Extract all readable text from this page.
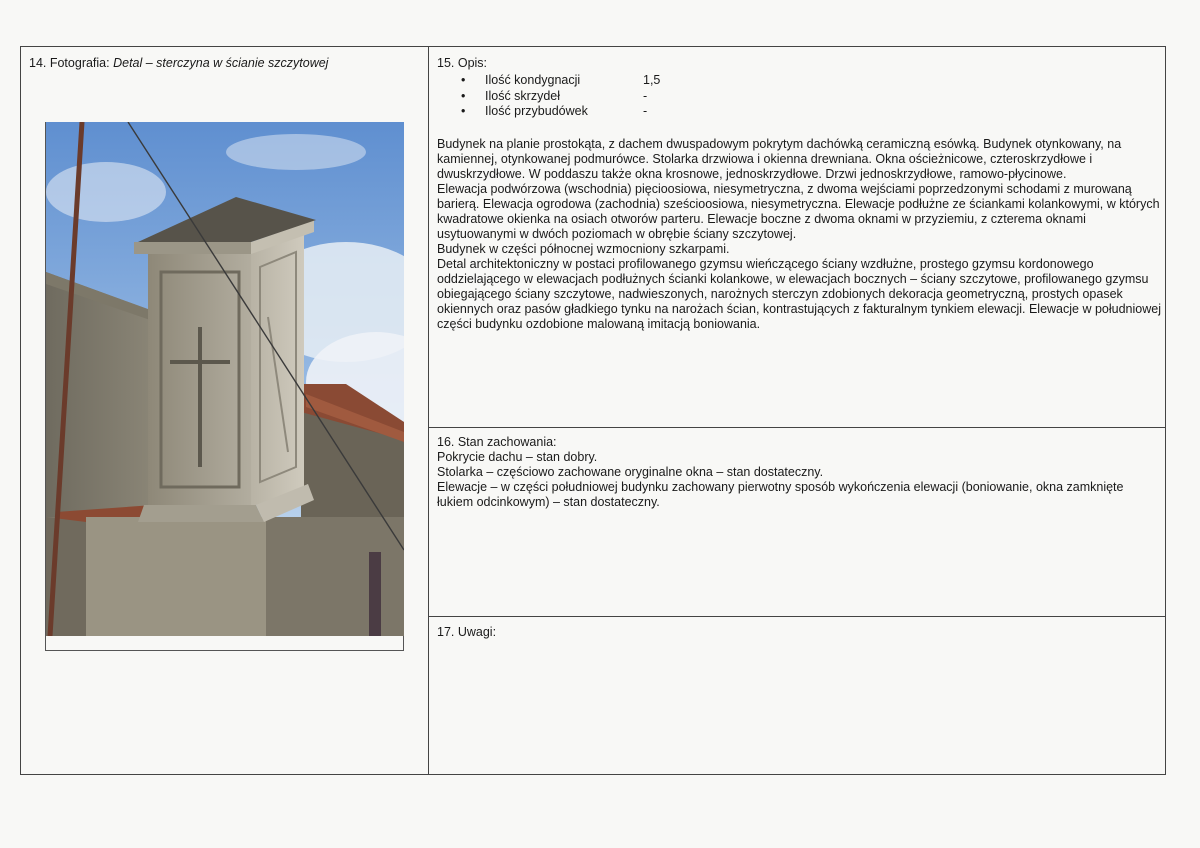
14. Fotografia: Detal – sterczyna w ścianie szczytowej	15. Opis:

• Ilość kondygnacji	1,5
• Ilość skrzydeł	-
• Ilość przybudówek	-

Budynek na planie prostokąta, z dachem dwuspadowym pokrytym dachówką ceramiczną esówką. Budynek otynkowany, na kamiennej, otynkowanej podmurówce. Stolarka drzwiowa i okienna drewniana. Okna ościeżnicowe, czteroskrzydłowe i dwuskrzydłowe. W poddaszu także okna krosnowe, jednoskrzydłowe. Drzwi jednoskrzydłowe, ramowo-płycinowe.

Elewacja podwórzowa (wschodnia) pięcioosiowa, niesymetryczna, z dwoma wejściami poprzedzonymi schodami z murowaną barierą. Elewacja ogrodowa (zachodnia) sześcioosiowa, niesymetryczna. Elewacje podłużne ze ściankami kolankowymi, w których kwadratowe okienka na osiach otworów parteru. Elewacje boczne z dwoma oknami w przyziemiu, z czterema oknami usytuowanymi w dwóch poziomach w obrębie ściany szczytowej.

Budynek w części północnej wzmocniony szkarpami.

Detal architektoniczny w postaci profilowanego gzymsu wieńczącego ściany wzdłużne, prostego gzymsu kordonowego oddzielającego w elewacjach podłużnych ścianki kolankowe, w elewacjach bocznych – ściany szczytowe, profilowanego gzymsu obiegającego ściany szczytowe, nadwieszonych, narożnych sterczyn zdobionych dekoracja geometryczną, prostych opasek okiennych oraz pasów gładkiego tynku na narożach ścian, kontrastujących z fakturalnym tynkiem elewacji. Elewacje w południowej części budynku ozdobione malowaną imitacją boniowania.

16. Stan zachowania:

Pokrycie dachu – stan dobry.

Stolarka – częściowo zachowane oryginalne okna – stan dostateczny.

Elewacje – w części południowej budynku zachowany pierwotny sposób wykończenia elewacji (boniowanie, okna zamknięte łukiem odcinkowym) – stan dostateczny.

17. Uwagi:
